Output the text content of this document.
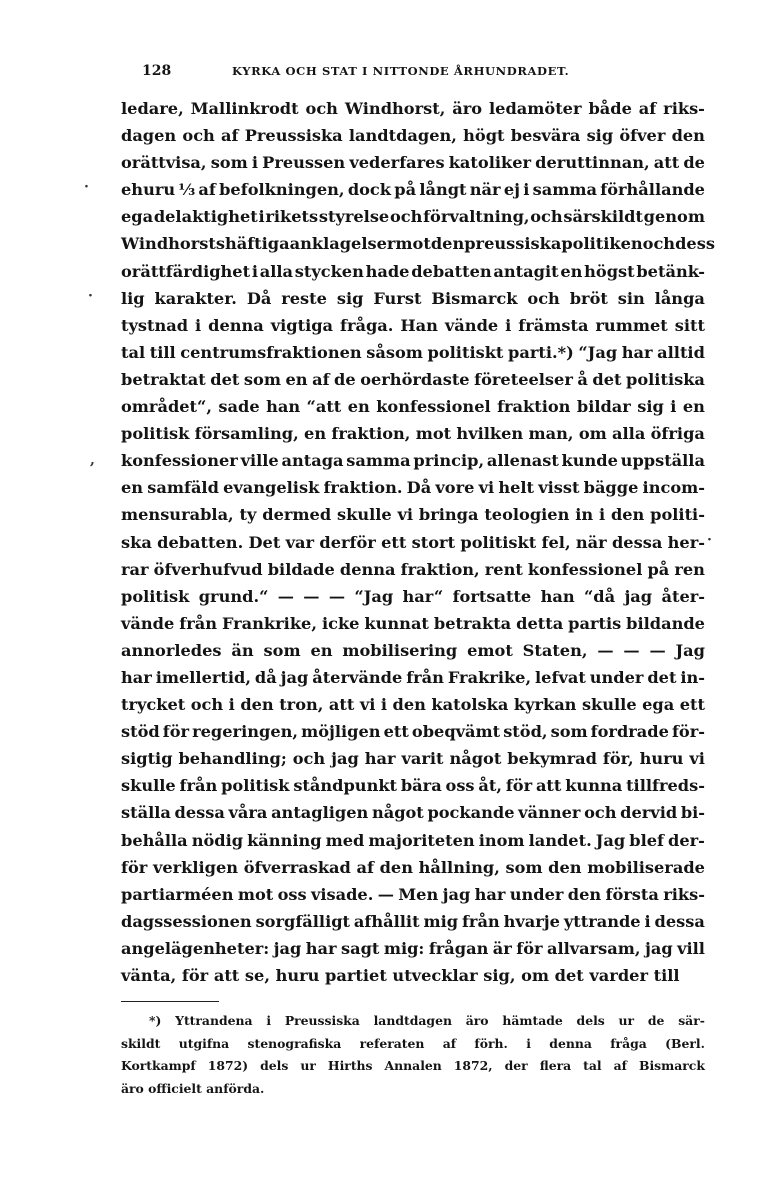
128	KYRKA OCH STAT I NITTONDE ÅRHUNDRADET.
ledare, Mallinkrodt och Windhorst, äro ledamöter både af riks-
dagen och af Preussiska landtdagen, högt besvära sig öfver den
orättvisa, som i Preussen vederfares katoliker deruttinnan, att de
ehuru ⅓ af befolkningen, dock på långt när ej i samma förhållande
ega delaktighet i rikets styrelse och förvaltning, och särskildt genom
Windhorsts häftiga anklagelser mot den preussiska politiken och dess
orättfärdighet i alla stycken hade debatten antagit en högst betänk-
lig karakter. Då reste sig Furst Bismarck och bröt sin långa
tystnad i denna vigtiga fråga. Han vände i främsta rummet sitt
tal till centrumsfraktionen såsom politiskt parti.*) “Jag har alltid
betraktat det som en af de oerhördaste företeelser å det politiska
området“, sade han “att en konfessionel fraktion bildar sig i en
politisk församling, en fraktion, mot hvilken man, om alla öfriga
konfessioner ville antaga samma princip, allenast kunde uppställa
en samfäld evangelisk fraktion. Då vore vi helt visst bägge incom-
mensurabla, ty dermed skulle vi bringa teologien in i den politi-
ska debatten. Det var derför ett stort politiskt fel, när dessa her-
rar öfverhufvud bildade denna fraktion, rent konfessionel på ren
politisk grund.“ — — — “Jag har“ fortsatte han “då jag åter-
vände från Frankrike, icke kunnat betrakta detta partis bildande
annorledes än som en mobilisering emot Staten, — — — Jag
har imellertid, då jag återvände från Frakrike, lefvat under det in-
trycket och i den tron, att vi i den katolska kyrkan skulle ega ett
stöd för regeringen, möjligen ett obeqvämt stöd, som fordrade för-
sigtig behandling; och jag har varit något bekymrad för, huru vi
skulle från politisk ståndpunkt bära oss åt, för att kunna tillfreds-
ställa dessa våra antagligen något pockande vänner och dervid bi-
behålla nödig känning med majoriteten inom landet. Jag blef der-
för verkligen öfverraskad af den hållning, som den mobiliserade
partiarméen mot oss visade. — Men jag har under den första riks-
dagssessionen sorgfälligt afhållit mig från hvarje yttrande i dessa
angelägenheter: jag har sagt mig: frågan är för allvarsam, jag vill
vänta, för att se, huru partiet utvecklar sig, om det varder till
*) Yttrandena i Preussiska landtdagen äro hämtade dels ur de sär-
skildt utgifna stenografiska referaten af förh. i denna fråga (Berl.
Kortkampf 1872) dels ur Hirths Annalen 1872, der flera tal af Bismarck
äro officielt anförda.
·
·
,
·
